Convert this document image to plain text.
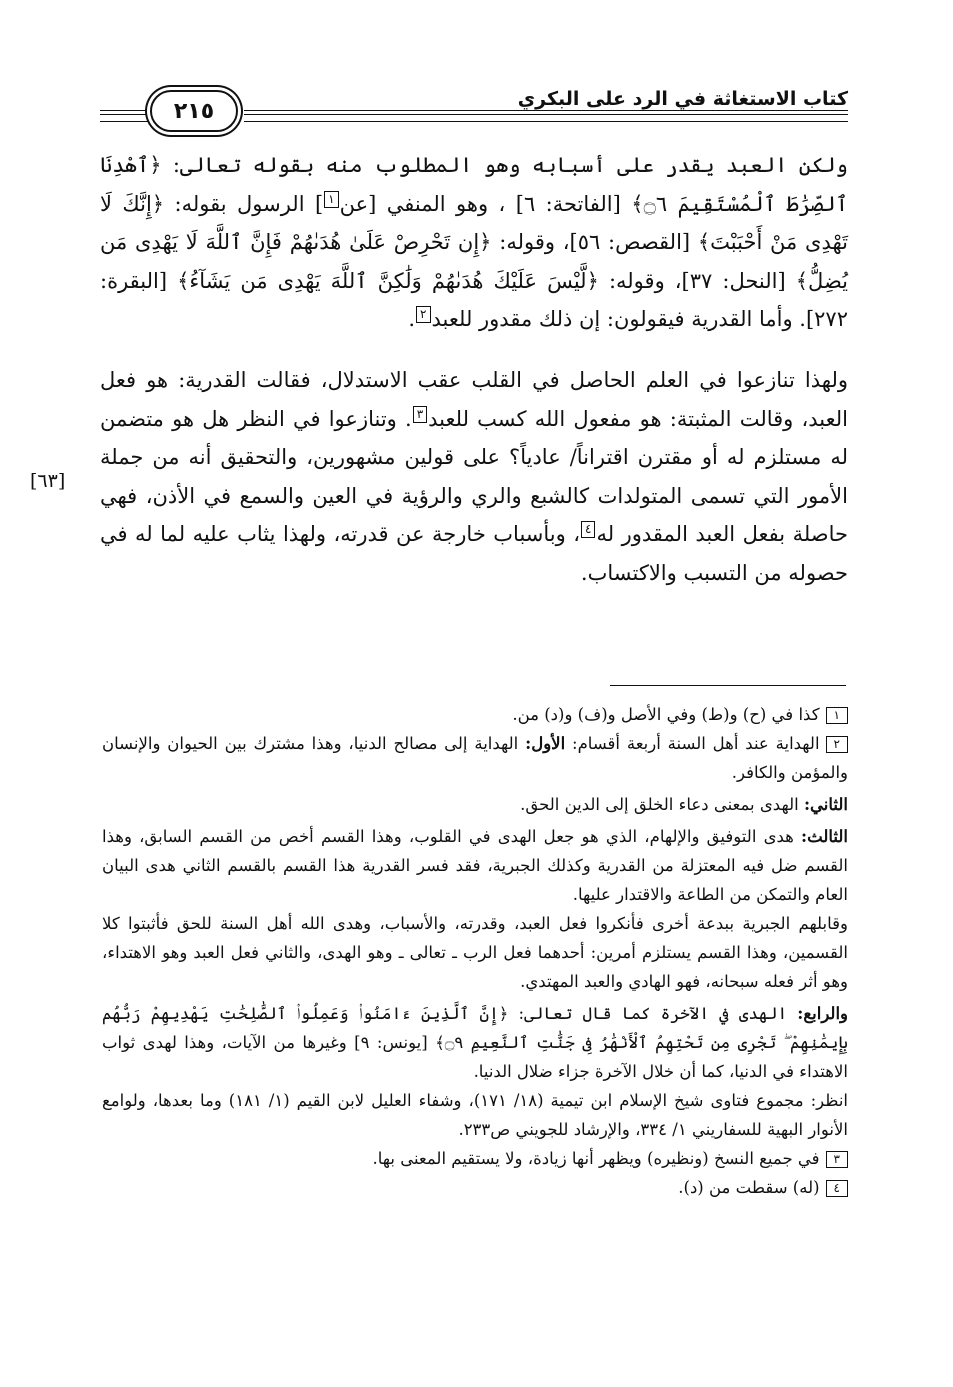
٢١٥	كتاب الاستغاثة في الرد على البكري
[٦٣]

ولكن العبد يقدر على أسبابه وهو المطلوب منه بقوله تعالى: ﴿ٱهْدِنَا ٱلصِّرَٰطَ ٱلْمُسْتَقِيمَ ۝٦﴾ [الفاتحة: ٦] ، وهو المنفي [عن١] الرسول بقوله: ﴿إِنَّكَ لَا تَهْدِى مَنْ أَحْبَبْتَ﴾ [القصص: ٥٦]، وقوله: ﴿إِن تَحْرِصْ عَلَىٰ هُدَىٰهُمْ فَإِنَّ ٱللَّهَ لَا يَهْدِى مَن يُضِلُّ﴾ [النحل: ٣٧]، وقوله: ﴿لَّيْسَ عَلَيْكَ هُدَىٰهُمْ وَلَٰكِنَّ ٱللَّهَ يَهْدِى مَن يَشَآءُ﴾ [البقرة: ٢٧٢]. وأما القدرية فيقولون: إن ذلك مقدور للعبد٢.

ولهذا تنازعوا في العلم الحاصل في القلب عقب الاستدلال، فقالت القدرية: هو فعل العبد، وقالت المثبتة: هو مفعول الله كسب للعبد٣. وتنازعوا في النظر هل هو متضمن له مستلزم له أو مقترن اقتراناً/ عادياً؟ على قولين مشهورين، والتحقيق أنه من جملة الأمور التي تسمى المتولدات كالشبع والري والرؤية في العين والسمع في الأذن، فهي حاصلة بفعل العبد المقدور له٤، وبأسباب خارجة عن قدرته، ولهذا يثاب عليه لما له في حصوله من التسبب والاكتساب.

١كذا في (ح) و(ط) وفي الأصل و(ف) و(د) من.

٢الهداية عند أهل السنة أربعة أقسام: الأول: الهداية إلى مصالح الدنيا، وهذا مشترك بين الحيوان والإنسان والمؤمن والكافر.

الثاني: الهدى بمعنى دعاء الخلق إلى الدين الحق.

الثالث: هدى التوفيق والإلهام، الذي هو جعل الهدى في القلوب، وهذا القسم أخص من القسم السابق، وهذا القسم ضل فيه المعتزلة من القدرية وكذلك الجبرية، فقد فسر القدرية هذا القسم بالقسم الثاني هدى البيان العام والتمكن من الطاعة والاقتدار عليها.

وقابلهم الجبرية ببدعة أخرى فأنكروا فعل العبد، وقدرته، والأسباب، وهدى الله أهل السنة للحق فأثبتوا كلا القسمين، وهذا القسم يستلزم أمرين: أحدهما فعل الرب ـ تعالى ـ وهو الهدى، والثاني فعل العبد وهو الاهتداء، وهو أثر فعله سبحانه، فهو الهادي والعبد المهتدي.

والرابع: الهدى في الآخرة كما قال تعالى: ﴿إِنَّ ٱلَّذِينَ ءَامَنُوا۟ وَعَمِلُوا۟ ٱلصَّٰلِحَٰتِ يَهْدِيهِمْ رَبُّهُم بِإِيمَٰنِهِمْ ۖ تَجْرِى مِن تَحْتِهِمُ ٱلْأَنْهَٰرُ فِى جَنَّٰتِ ٱلنَّعِيمِ ۝٩﴾ [يونس: ٩] وغيرها من الآيات، وهذا لهدى ثواب الاهتداء في الدنيا، كما أن خلال الآخرة جزاء ضلال الدنيا.

انظر: مجموع فتاوى شيخ الإسلام ابن تيمية (١٨/ ١٧١)، وشفاء العليل لابن القيم (١/ ١٨١) وما بعدها، ولوامع الأنوار البهية للسفاريني ١/ ٣٣٤، والإرشاد للجويني ص٢٣٣.

٣في جميع النسخ (ونظيره) ويظهر أنها زيادة، ولا يستقيم المعنى بها.

٤(له) سقطت من (د).
